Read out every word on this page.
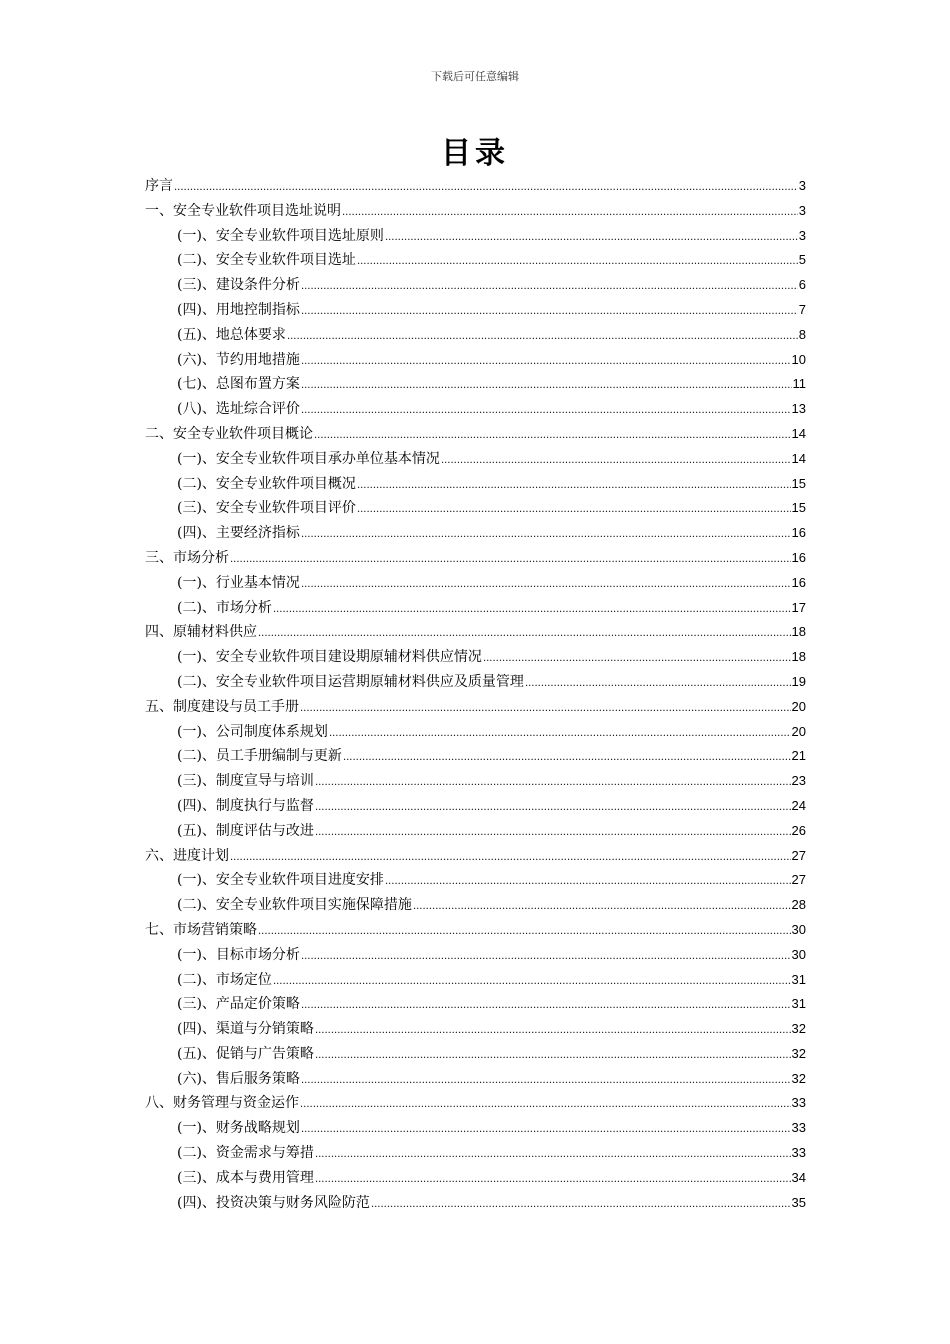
下载后可任意编辑
目录
序言 .....	3
一、安全专业软件项目选址说明 .....	3
(一)、安全专业软件项目选址原则 .....	3
(二)、安全专业软件项目选址 .....	5
(三)、建设条件分析 .....	6
(四)、用地控制指标 .....	7
(五)、地总体要求 .....	8
(六)、节约用地措施 .....	10
(七)、总图布置方案 .....	11
(八)、选址综合评价 .....	13
二、安全专业软件项目概论 .....	14
(一)、安全专业软件项目承办单位基本情况 .....	14
(二)、安全专业软件项目概况 .....	15
(三)、安全专业软件项目评价 .....	15
(四)、主要经济指标 .....	16
三、市场分析 .....	16
(一)、行业基本情况 .....	16
(二)、市场分析 .....	17
四、原辅材料供应 .....	18
(一)、安全专业软件项目建设期原辅材料供应情况 .....	18
(二)、安全专业软件项目运营期原辅材料供应及质量管理 .....	19
五、制度建设与员工手册 .....	20
(一)、公司制度体系规划 .....	20
(二)、员工手册编制与更新 .....	21
(三)、制度宣导与培训 .....	23
(四)、制度执行与监督 .....	24
(五)、制度评估与改进 .....	26
六、进度计划 .....	27
(一)、安全专业软件项目进度安排 .....	27
(二)、安全专业软件项目实施保障措施 .....	28
七、市场营销策略 .....	30
(一)、目标市场分析 .....	30
(二)、市场定位 .....	31
(三)、产品定价策略 .....	31
(四)、渠道与分销策略 .....	32
(五)、促销与广告策略 .....	32
(六)、售后服务策略 .....	32
八、财务管理与资金运作 .....	33
(一)、财务战略规划 .....	33
(二)、资金需求与筹措 .....	33
(三)、成本与费用管理 .....	34
(四)、投资决策与财务风险防范 .....	35
